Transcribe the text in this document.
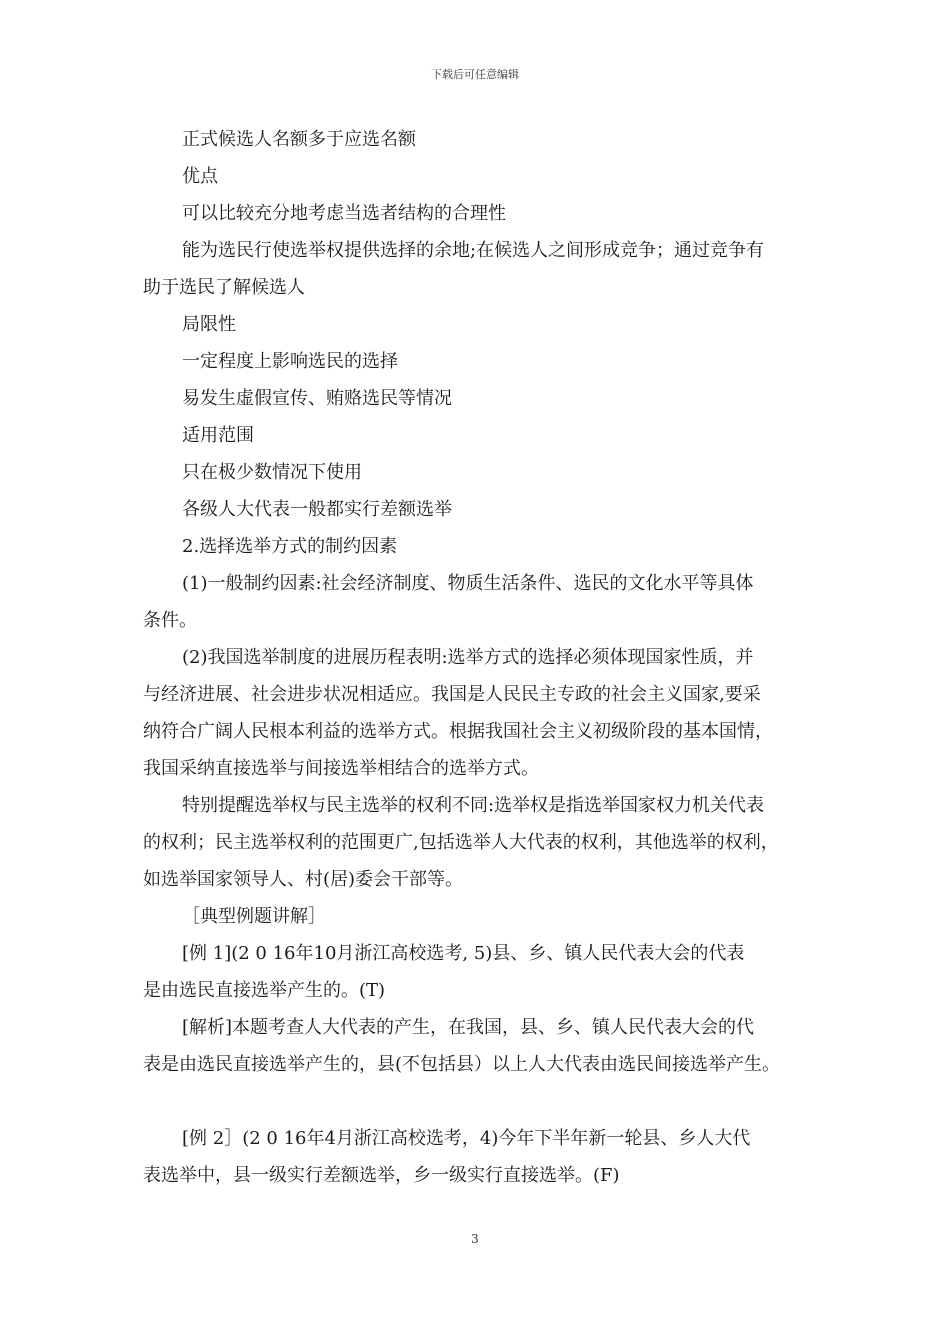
下载后可任意编辑
正式候选人名额多于应选名额
优点
可以比较充分地考虑当选者结构的合理性
能为选民行使选举权提供选择的余地;在候选人之间形成竞争；通过竞争有
助于选民了解候选人
局限性
一定程度上影响选民的选择
易发生虚假宣传、贿赂选民等情况
适用范围
只在极少数情况下使用
各级人大代表一般都实行差额选举
2.选择选举方式的制约因素
(1)一般制约因素:社会经济制度、物质生活条件、选民的文化水平等具体
条件。
(2)我国选举制度的进展历程表明:选举方式的选择必须体现国家性质，并
与经济进展、社会进步状况相适应。我国是人民民主专政的社会主义国家,要采
纳符合广阔人民根本利益的选举方式。根据我国社会主义初级阶段的基本国情，
我国采纳直接选举与间接选举相结合的选举方式。
特别提醒选举权与民主选举的权利不同:选举权是指选举国家权力机关代表
的权利；民主选举权利的范围更广,包括选举人大代表的权利，其他选举的权利，
如选举国家领导人、村(居)委会干部等。
［典型例题讲解］
[例 1](2 0 16年10月浙江高校选考, 5)县、乡、镇人民代表大会的代表
是由选民直接选举产生的。(T)
[解析]本题考查人大代表的产生，在我国，县、乡、镇人民代表大会的代
表是由选民直接选举产生的，县(不包括县）以上人大代表由选民间接选举产生。
[例 2］(2 0 16年4月浙江高校选考，4)今年下半年新一轮县、乡人大代
表选举中，县一级实行差额选举，乡一级实行直接选举。(F)
3
